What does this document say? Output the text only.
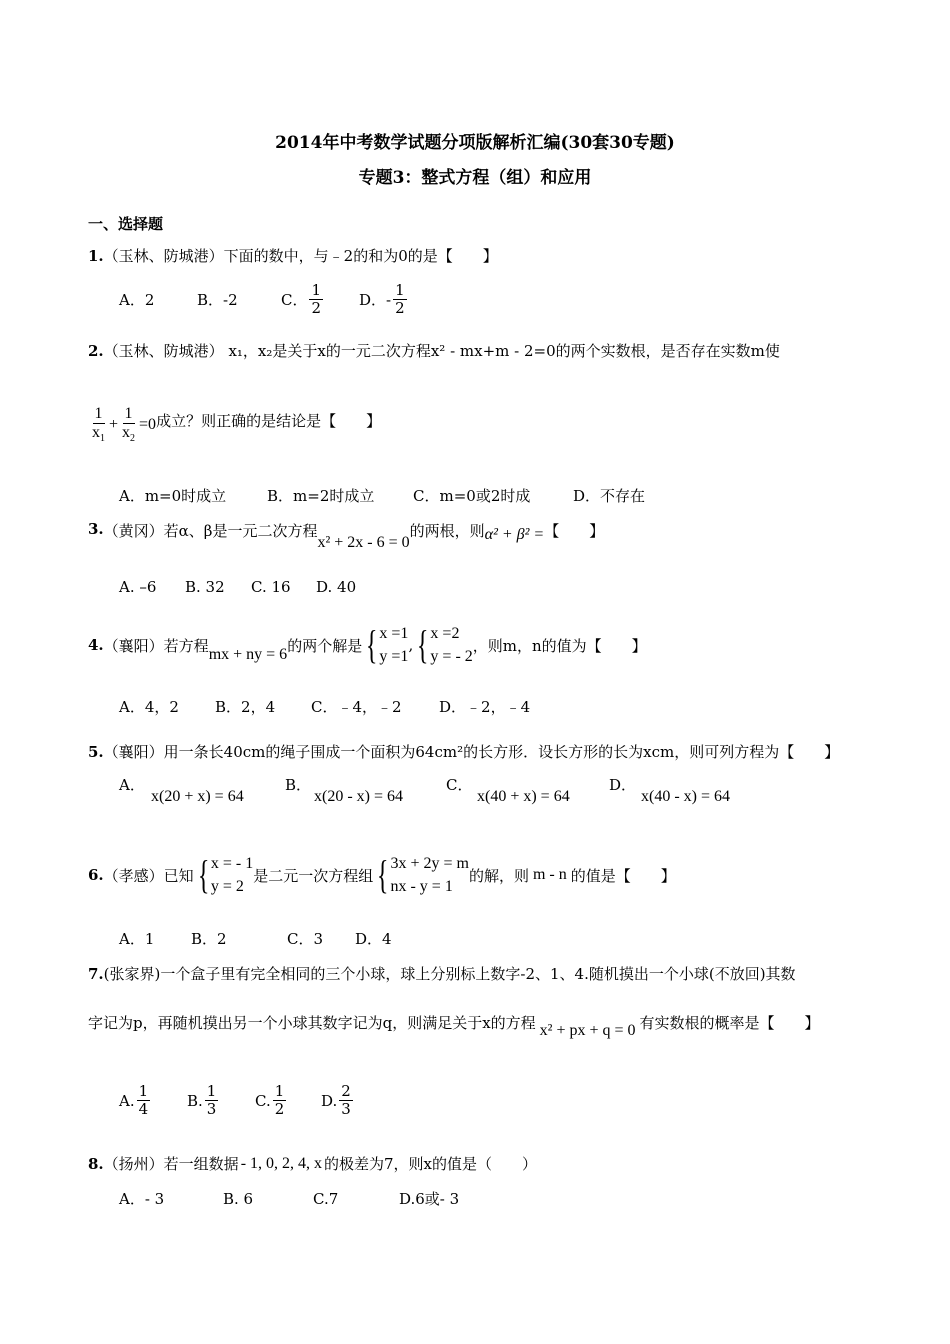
2014年中考数学试题分项版解析汇编(30套30专题)
专题3：整式方程（组）和应用
一、选择题
1.（玉林、防城港）下面的数中，与﹣2的和为0的是【　　】
A．2	B．-2	C． $\frac{1}{2}$ D．- $\frac{1}{2}$
2.（玉林、防城港） x₁，x₂是关于x的一元二次方程x² - mx+m - 2=0的两个实数根，是否存在实数m使
$\frac{1}{x_1} + \frac{1}{x_2} =0$ 成立？则正确的是结论是【　　】
A．m=0时成立	B．m=2时成立	C．m=0或2时成	D．不存在
3. （黄冈）若α、β是一元二次方程
x² + 2x - 6 = 0
的两根，则 α² + β² = 【　　】
A. –6 B. 32 C. 16 D. 40
4. （襄阳）若方程 mx + ny = 6 的两个解是 { x =1
y =1
, { x =2
y = - 2
，则m，n的值为【　　】
A．4，2 B．2，4 C．﹣4，﹣2 D．﹣2，﹣4
5.（襄阳）用一条长40cm的绳子围成一个面积为64cm²的长方形．设长方形的长为xcm，则可列方程为【　　】
A．
x(20 + x) = 64
B．
x(20 - x) = 64
C．
x(40 + x) = 64
D．
x(40 - x) = 64
6. （孝感）已知 { x = - 1
y = 2
是二元一次方程组 { 3x + 2y = m
nx - y = 1
的解，则 m - n 的值是【　　】
A．1 B．2	C．3 D．4
7.(张家界)一个盒子里有完全相同的三个小球，球上分别标上数字-2、1、4.随机摸出一个小球(不放回)其数
字记为p，再随机摸出另一个小球其数字记为q，则满足关于x的方程 x² + px + q = 0 有实数根的概率是【　　】
A. $\frac{1}{4} B$. $\frac{1}{3} C$. $\frac{1}{2} D$. $\frac{2}{3}$
8. （扬州）若一组数据 - 1, 0, 2, 4, x 的极差为7，则x的值是（　　）
A．- 3	B. 6	C.7	D.6或- 3
